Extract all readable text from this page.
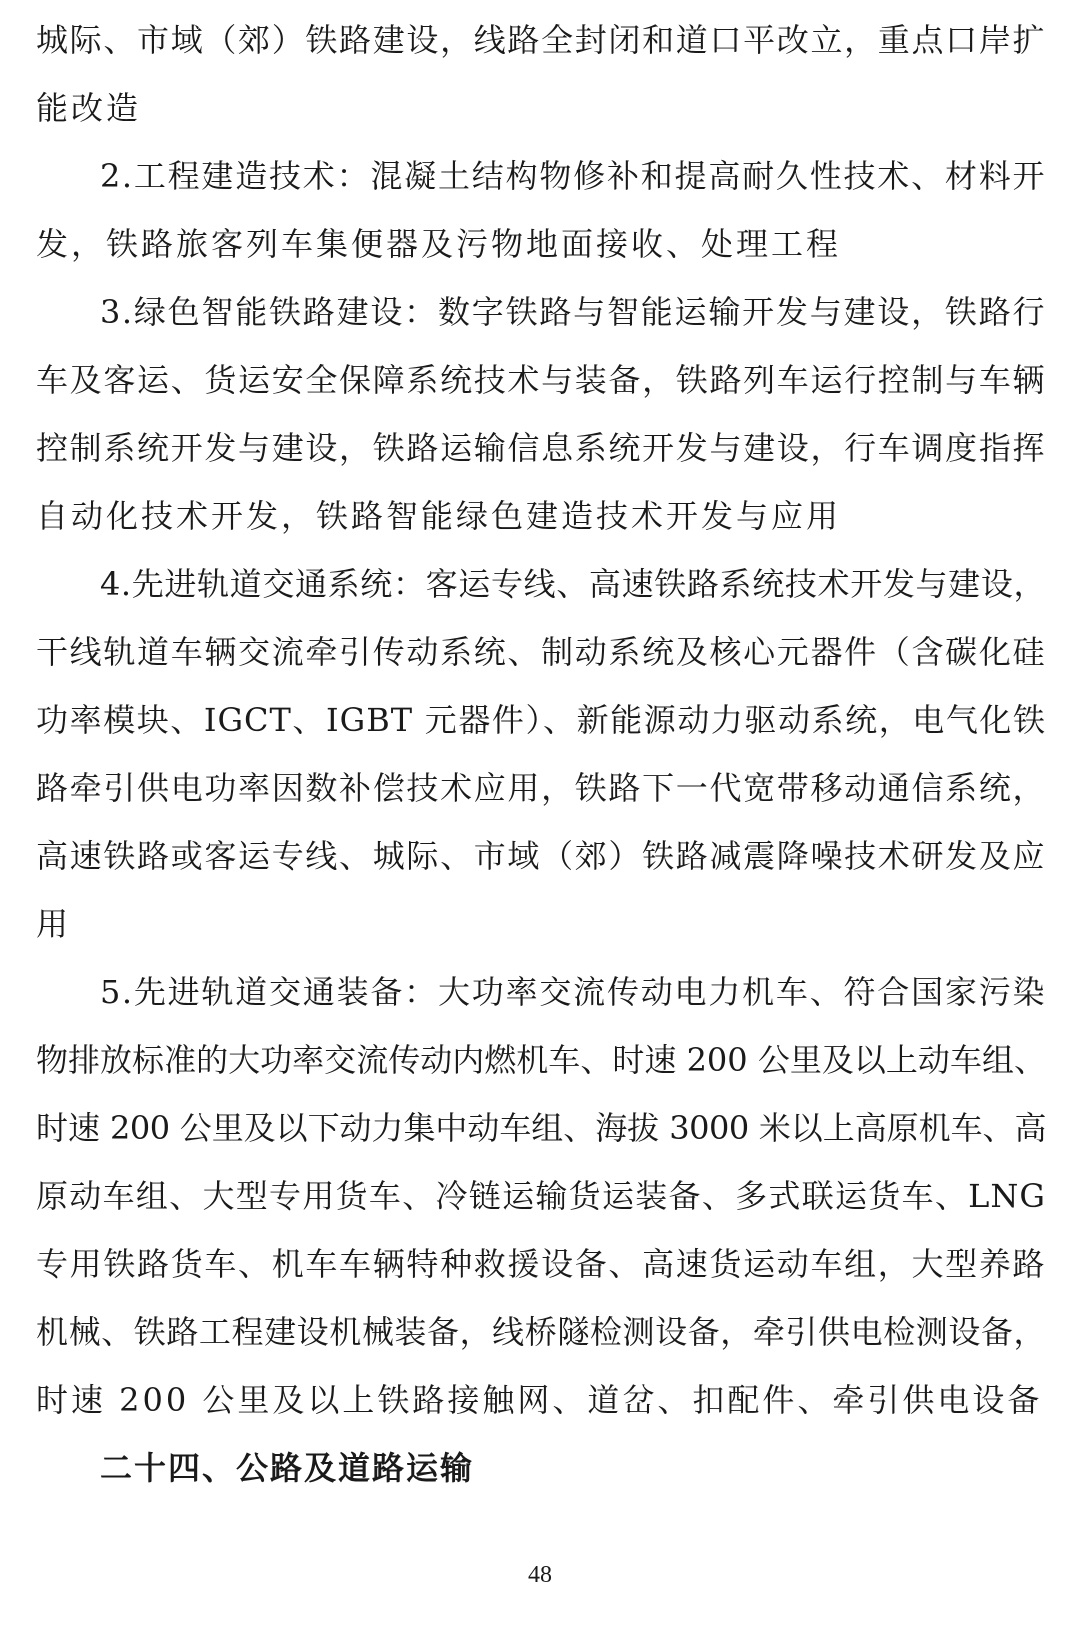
城际、市域（郊）铁路建设，线路全封闭和道口平改立，重点口岸扩
能改造
2.工程建造技术：混凝土结构物修补和提高耐久性技术、材料开
发，铁路旅客列车集便器及污物地面接收、处理工程
3.绿色智能铁路建设：数字铁路与智能运输开发与建设，铁路行
车及客运、货运安全保障系统技术与装备，铁路列车运行控制与车辆
控制系统开发与建设，铁路运输信息系统开发与建设，行车调度指挥
自动化技术开发，铁路智能绿色建造技术开发与应用
4.先进轨道交通系统：客运专线、高速铁路系统技术开发与建设，
干线轨道车辆交流牵引传动系统、制动系统及核心元器件（含碳化硅
功率模块、IGCT、IGBT 元器件）、新能源动力驱动系统，电气化铁
路牵引供电功率因数补偿技术应用，铁路下一代宽带移动通信系统，
高速铁路或客运专线、城际、市域（郊）铁路减震降噪技术研发及应
用
5.先进轨道交通装备：大功率交流传动电力机车、符合国家污染
物排放标准的大功率交流传动内燃机车、时速 200 公里及以上动车组、
时速 200 公里及以下动力集中动车组、海拔 3000 米以上高原机车、高
原动车组、大型专用货车、冷链运输货运装备、多式联运货车、LNG
专用铁路货车、机车车辆特种救援设备、高速货运动车组，大型养路
机械、铁路工程建设机械装备，线桥隧检测设备，牵引供电检测设备，
时速 200 公里及以上铁路接触网、道岔、扣配件、牵引供电设备
二十四、公路及道路运输
48
